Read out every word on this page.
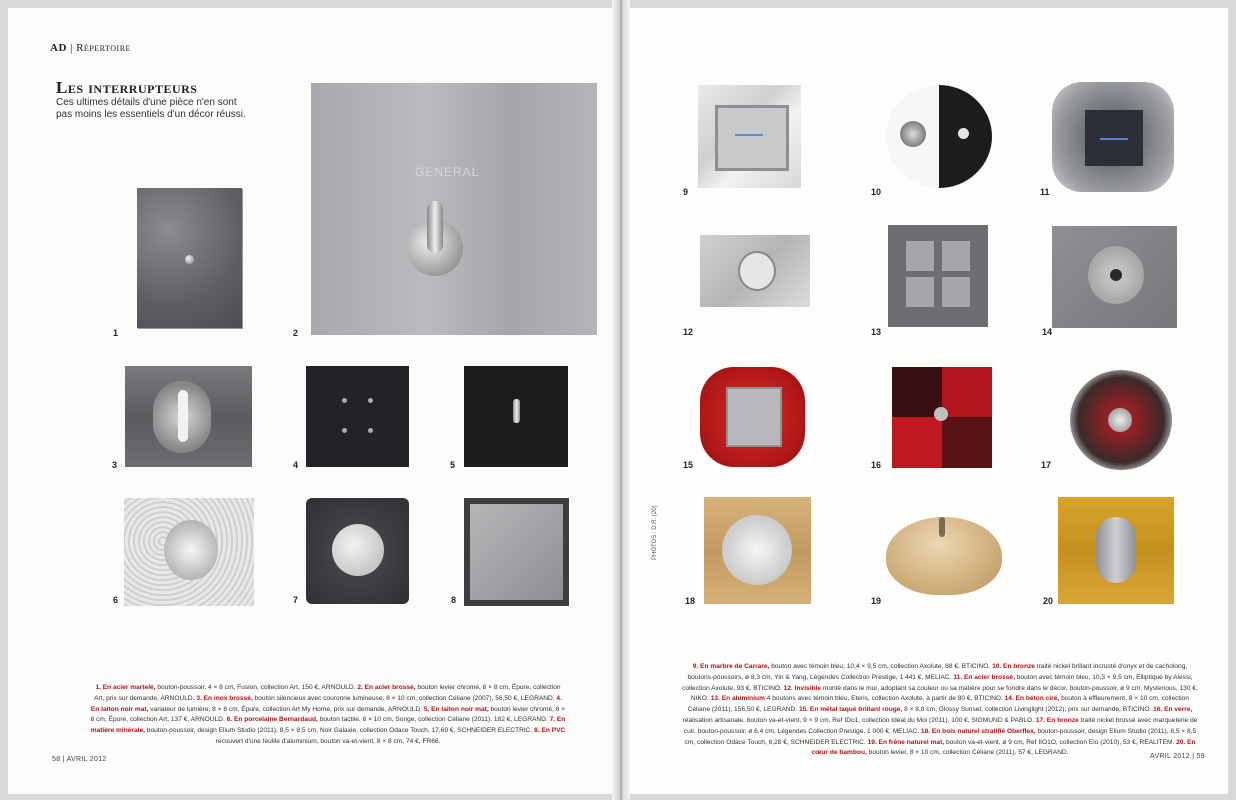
AD | Répertoire
Les interrupteurs
Ces ultimes détails d'une pièce n'en sont pas moins les essentiels d'un décor réussi.
GENERAL
1	2
3	4	5
6	7	8
9	10	11
12	13	14
15	16	17
18	19	20
PHOTOS : D.R. (20)
1. En acier martelé, bouton-poussoir, 4 × 8 cm, Fusion, collection Art, 150 €, ARNOULD. 2. En acier brossé, bouton levier chromé, 8 × 8 cm, Épure, collection Art, prix sur demande, ARNOULD. 3. En inox brossé, bouton silencieux avec couronne lumineuse, 8 × 10 cm, collection Céliane (2007), 56,50 €, LEGRAND. 4. En laiton noir mat, variateur de lumière, 8 × 8 cm, Épure, collection Art My Home, prix sur demande, ARNOULD. 5. En laiton noir mat, bouton levier chromé, 8 × 8 cm, Épure, collection Art, 137 €, ARNOULD. 6. En porcelaine Bernardaud, bouton tactile, 8 × 10 cm, Songe, collection Céliane (2011), 182 €, LEGRAND. 7. En matière minérale, bouton-poussoir, design Elium Studio (2011), 8,5 × 8,5 cm, Noir Galaxie, collection Odace Touch, 17,69 €, SCHNEIDER ELECTRIC. 8. En PVC recouvert d'une feuille d'aluminium, bouton va-et-vient, 8 × 8 cm, 74 €, FR66.
9. En marbre de Carrare, bouton avec témoin bleu, 10,4 × 9,5 cm, collection Axolute, 88 €, BTICINO. 10. En bronze traité nickel brillant incrusté d'onyx et de cacholong, boutons-poussoirs, ø 8,3 cm, Yin & Yang, Légendes Collection Prestige, 1 441 €, MELIAC. 11. En acier brossé, bouton avec témoin bleu, 10,3 × 9,5 cm, Elliptique by Alessi, collection Axolute, 93 €, BTICINO. 12. Invisible monté dans le mur, adoptant sa couleur ou sa matière pour se fondre dans le décor, bouton-poussoir, ø 9 cm, Mysterious, 130 €, NIKO. 13. En aluminium 4 boutons avec témoin bleu, Eteris, collection Axolute, à partir de 80 €, BTICINO. 14. En béton ciré, bouton à effleurement, 8 × 10 cm, collection Céliane (2011), 156,50 €, LEGRAND. 15. En métal laqué brillant rouge, 8 × 8,8 cm, Glossy Sunset, collection Livinglight (2012), prix sur demande, BTICINO. 16. En verre, réalisation artisanale, bouton va-et-vient, 9 × 9 cm, Ref IDo1, collection Idéal du Moi (2011), 100 €, SIGMUND & PABLO. 17. En bronze traité nickel brossé avec marqueterie de cuir, bouton-poussoir, ø 6,4 cm, Légendes Collection Prestige, 1 000 €, MELIAC. 18. En bois naturel stratifié Oberflex, bouton-poussoir, design Elium Studio (2011), 8,5 × 8,5 cm, collection Odace Touch, 6,28 €, SCHNEIDER ELECTRIC. 19. En frêne naturel mat, bouton va-et-vient, ø 9 cm, Ref IIO1O, collection Elo (2010), 53 €, REALITEM. 20. En cœur de bambou, bouton levier, 8 × 10 cm, collection Céliane (2011), 57 €, LEGRAND.
58 | AVRIL 2012	AVRIL 2012 | 59
